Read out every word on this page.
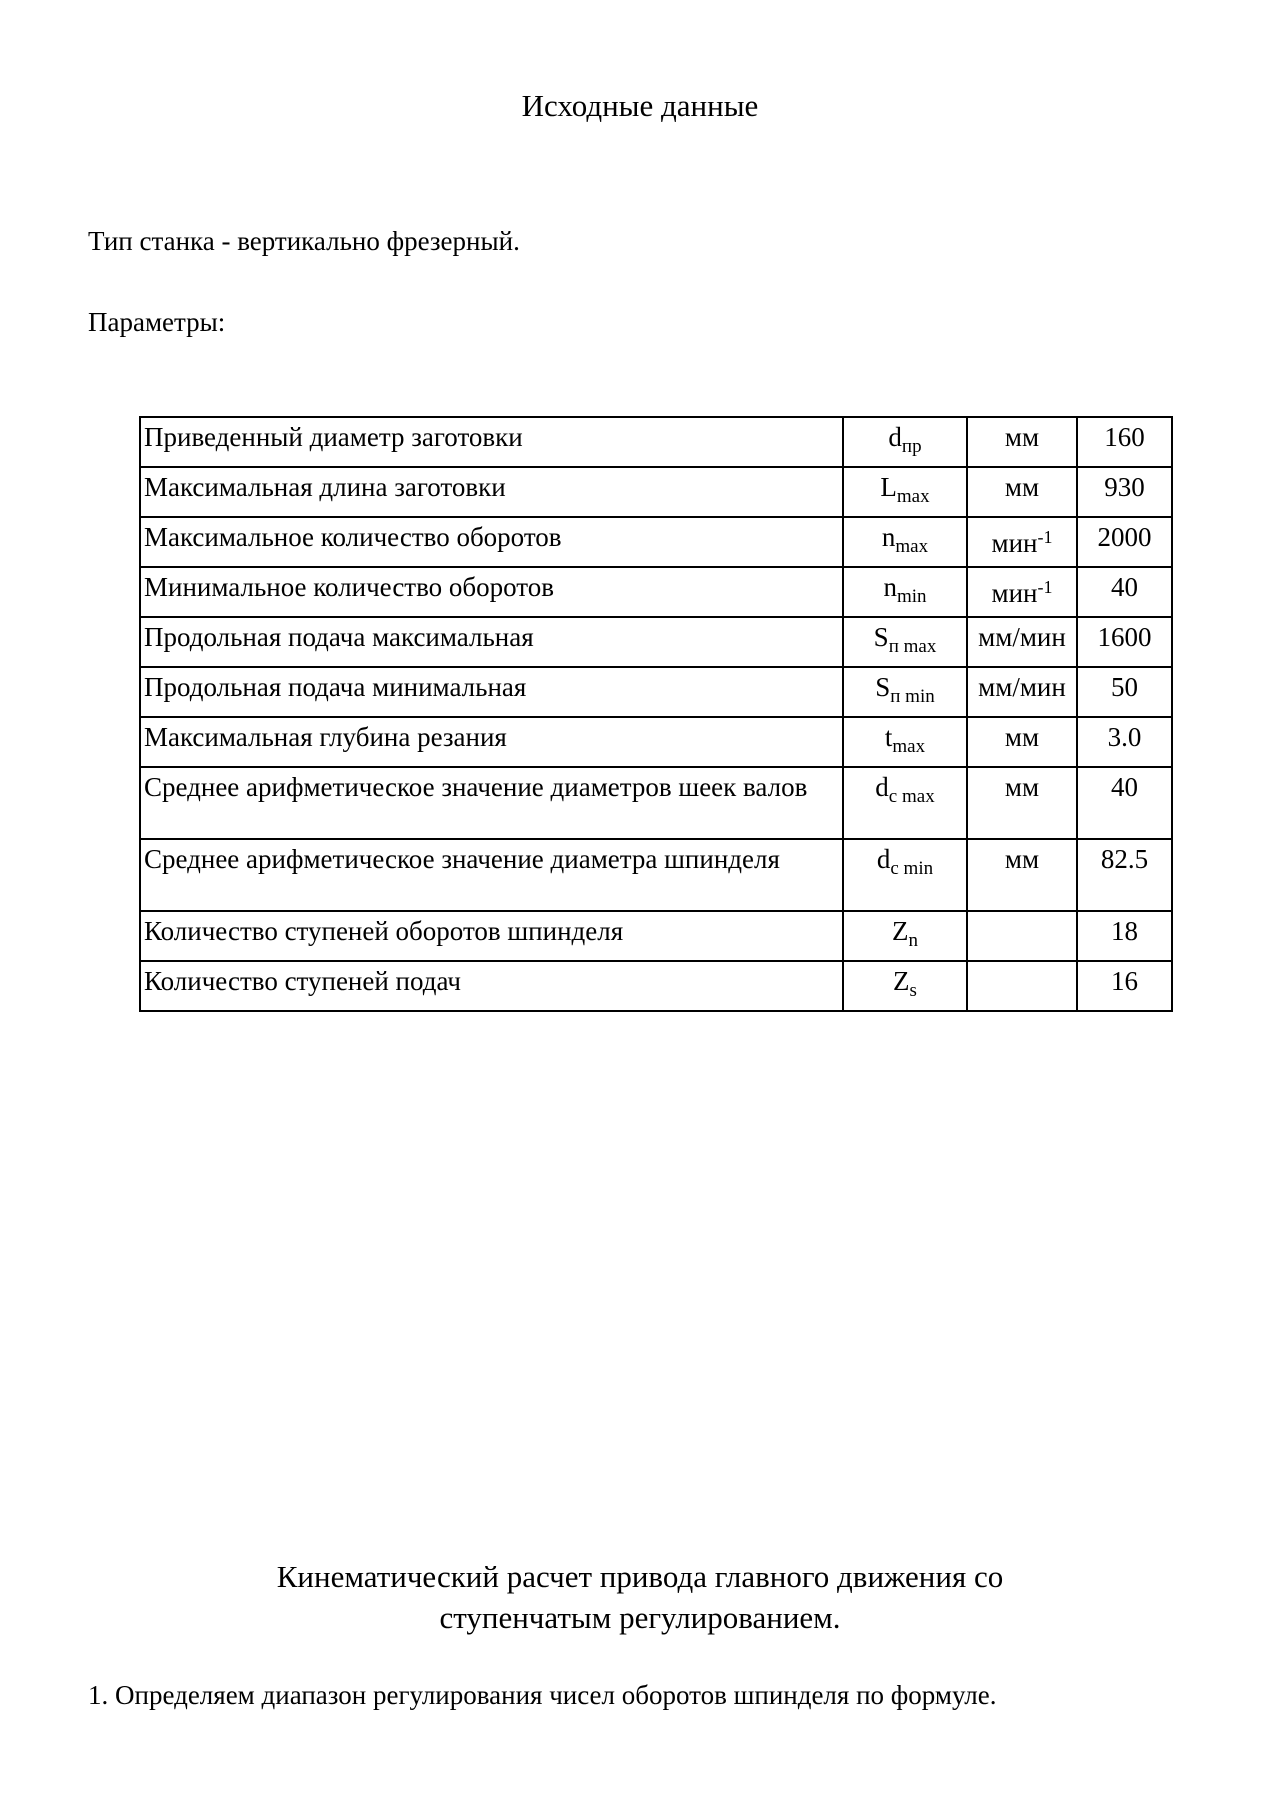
Исходные данные

Тип станка - вертикально фрезерный.

Параметры:

Приведенный диаметр заготовки	$d_{пр}$	мм	160
Максимальная длина заготовки	$L_{max}$	мм	930
Максимальное количество оборотов	$n_{max}$	мин$^{-1}$	2000
Минимальное количество оборотов	$n_{min}$	мин$^{-1}$	40
Продольная подача максимальная	$S_{п max}$	мм/мин	1600
Продольная подача минимальная	$S_{п min}$	мм/мин	50
Максимальная глубина резания	$t_{max}$	мм	3.0
Среднее арифметическое значение диаметров шеек валов	$d_{с max}$	мм	40
Среднее арифметическое значение диаметра шпинделя	$d_{с min}$	мм	82.5
Количество ступеней оборотов шпинделя	$Z_n$		18
Количество ступеней подач	$Z_s$		16
Кинематический расчет привода главного движения со
ступенчатым регулированием.

1. Определяем диапазон регулирования чисел оборотов шпинделя по формуле.
